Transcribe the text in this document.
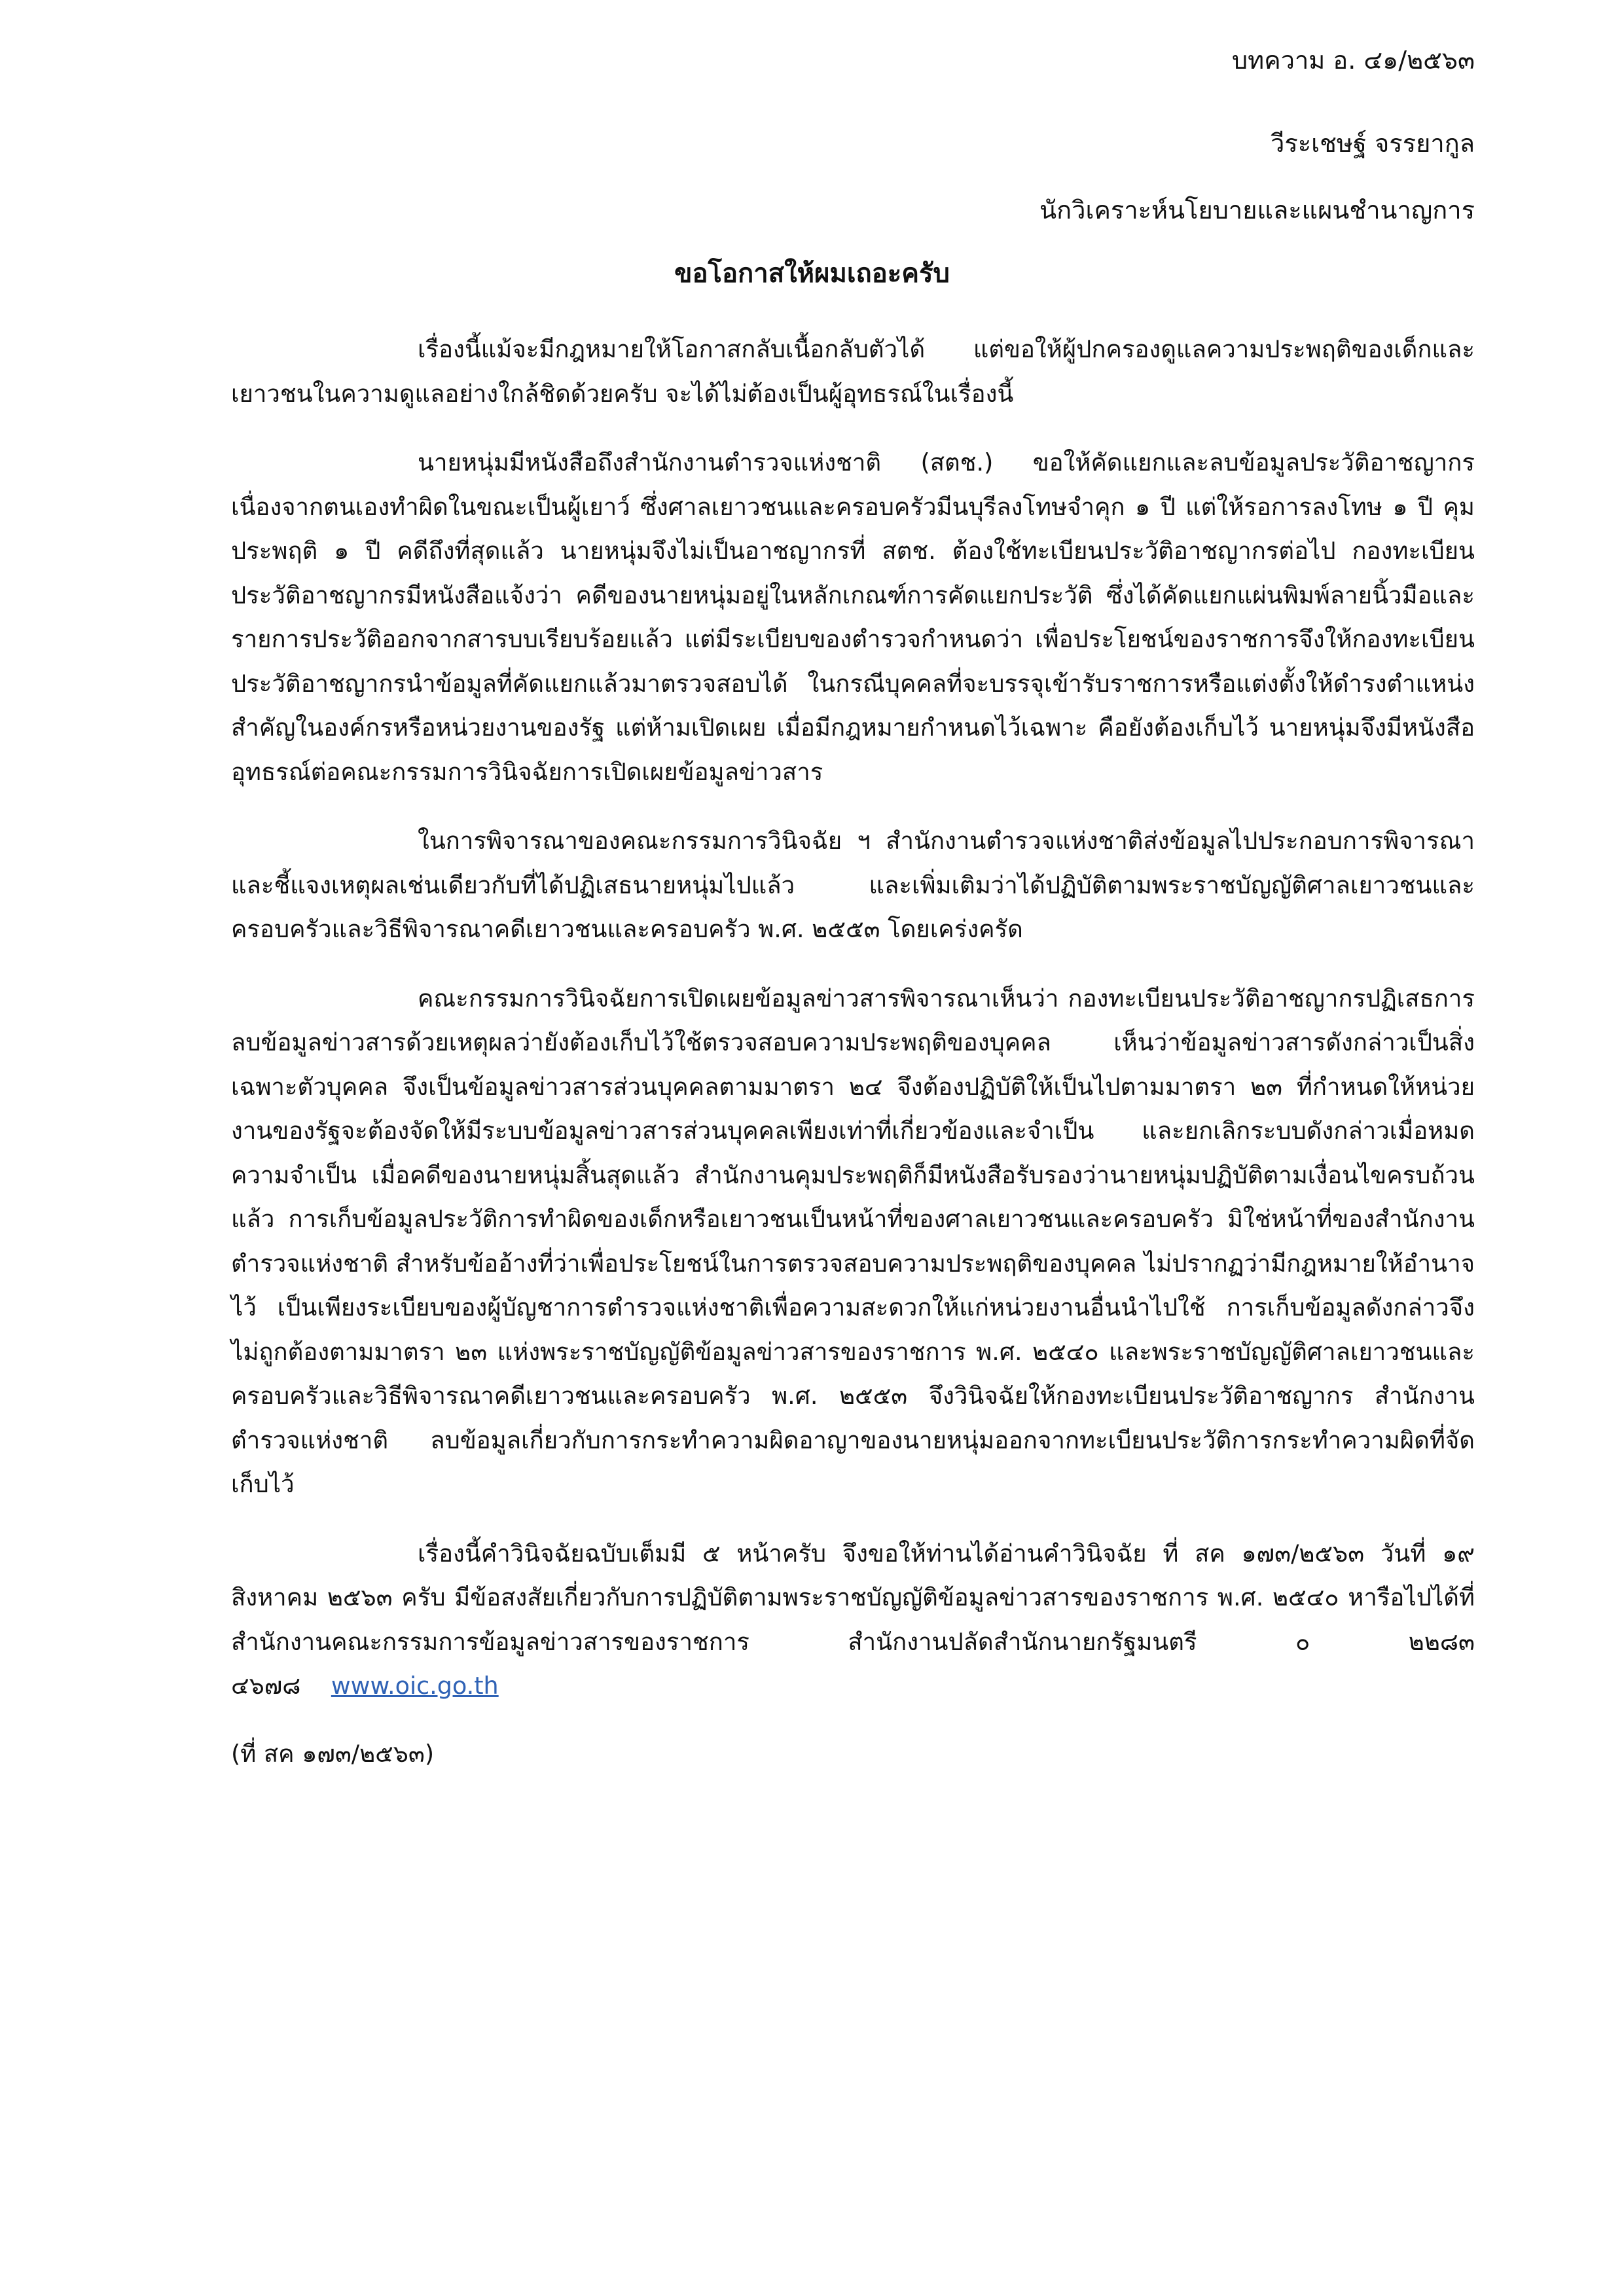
บทความ อ. ๔๑/๒๕๖๓
วีระเชษฐ์ จรรยากูล
นักวิเคราะห์นโยบายและแผนชำนาญการ
ขอโอกาสให้ผมเถอะครับ

เรื่องนี้แม้จะมีกฎหมายให้โอกาสกลับเนื้อกลับตัวได้ แต่ขอให้ผู้ปกครองดูแลความประพฤติของเด็กและเยาวชนในความดูแลอย่างใกล้ชิดด้วยครับ จะได้ไม่ต้องเป็นผู้อุทธรณ์ในเรื่องนี้

นายหนุ่มมีหนังสือถึงสำนักงานตำรวจแห่งชาติ (สตช.) ขอให้คัดแยกและลบข้อมูลประวัติอาชญากร เนื่องจากตนเองทำผิดในขณะเป็นผู้เยาว์ ซึ่งศาลเยาวชนและครอบครัวมีนบุรีลงโทษจำคุก ๑ ปี แต่ให้รอการลงโทษ ๑ ปี คุมประพฤติ ๑ ปี คดีถึงที่สุดแล้ว นายหนุ่มจึงไม่เป็นอาชญากรที่ สตช. ต้องใช้ทะเบียนประวัติอาชญากรต่อไป กองทะเบียนประวัติอาชญากรมีหนังสือแจ้งว่า คดีของนายหนุ่มอยู่ในหลักเกณฑ์การคัดแยกประวัติ ซึ่งได้คัดแยกแผ่นพิมพ์ลายนิ้วมือและรายการประวัติออกจากสารบบเรียบร้อยแล้ว แต่มีระเบียบของตำรวจกำหนดว่า เพื่อประโยชน์ของราชการจึงให้กองทะเบียนประวัติอาชญากรนำข้อมูลที่คัดแยกแล้วมาตรวจสอบได้ ในกรณีบุคคลที่จะบรรจุเข้ารับราชการหรือแต่งตั้งให้ดำรงตำแหน่งสำคัญในองค์กรหรือหน่วยงานของรัฐ แต่ห้ามเปิดเผย เมื่อมีกฎหมายกำหนดไว้เฉพาะ คือยังต้องเก็บไว้ นายหนุ่มจึงมีหนังสืออุทธรณ์ต่อคณะกรรมการวินิจฉัยการเปิดเผยข้อมูลข่าวสาร

ในการพิจารณาของคณะกรรมการวินิจฉัย ฯ สำนักงานตำรวจแห่งชาติส่งข้อมูลไปประกอบการพิจารณาและชี้แจงเหตุผลเช่นเดียวกับที่ได้ปฏิเสธนายหนุ่มไปแล้ว และเพิ่มเติมว่าได้ปฏิบัติตามพระราชบัญญัติศาลเยาวชนและครอบครัวและวิธีพิจารณาคดีเยาวชนและครอบครัว พ.ศ. ๒๕๕๓ โดยเคร่งครัด

คณะกรรมการวินิจฉัยการเปิดเผยข้อมูลข่าวสารพิจารณาเห็นว่า กองทะเบียนประวัติอาชญากรปฏิเสธการลบข้อมูลข่าวสารด้วยเหตุผลว่ายังต้องเก็บไว้ใช้ตรวจสอบความประพฤติของบุคคล เห็นว่าข้อมูลข่าวสารดังกล่าวเป็นสิ่งเฉพาะตัวบุคคล จึงเป็นข้อมูลข่าวสารส่วนบุคคลตามมาตรา ๒๔ จึงต้องปฏิบัติให้เป็นไปตามมาตรา ๒๓ ที่กำหนดให้หน่วยงานของรัฐจะต้องจัดให้มีระบบข้อมูลข่าวสารส่วนบุคคลเพียงเท่าที่เกี่ยวข้องและจำเป็น และยกเลิกระบบดังกล่าวเมื่อหมดความจำเป็น เมื่อคดีของนายหนุ่มสิ้นสุดแล้ว สำนักงานคุมประพฤติก็มีหนังสือรับรองว่านายหนุ่มปฏิบัติตามเงื่อนไขครบถ้วนแล้ว การเก็บข้อมูลประวัติการทำผิดของเด็กหรือเยาวชนเป็นหน้าที่ของศาลเยาวชนและครอบครัว มิใช่หน้าที่ของสำนักงานตำรวจแห่งชาติ สำหรับข้ออ้างที่ว่าเพื่อประโยชน์ในการตรวจสอบความประพฤติของบุคคล ไม่ปรากฏว่ามีกฎหมายให้อำนาจไว้ เป็นเพียงระเบียบของผู้บัญชาการตำรวจแห่งชาติเพื่อความสะดวกให้แก่หน่วยงานอื่นนำไปใช้ การเก็บข้อมูลดังกล่าวจึงไม่ถูกต้องตามมาตรา ๒๓ แห่งพระราชบัญญัติข้อมูลข่าวสารของราชการ พ.ศ. ๒๕๔๐ และพระราชบัญญัติศาลเยาวชนและครอบครัวและวิธีพิจารณาคดีเยาวชนและครอบครัว พ.ศ. ๒๕๕๓ จึงวินิจฉัยให้กองทะเบียนประวัติอาชญากร สำนักงานตำรวจแห่งชาติ ลบข้อมูลเกี่ยวกับการกระทำความผิดอาญาของนายหนุ่มออกจากทะเบียนประวัติการกระทำความผิดที่จัดเก็บไว้

เรื่องนี้คำวินิจฉัยฉบับเต็มมี ๕ หน้าครับ จึงขอให้ท่านได้อ่านคำวินิจฉัย ที่ สค ๑๗๓/๒๕๖๓ วันที่ ๑๙ สิงหาคม ๒๕๖๓ ครับ มีข้อสงสัยเกี่ยวกับการปฏิบัติตามพระราชบัญญัติข้อมูลข่าวสารของราชการ พ.ศ. ๒๕๔๐ หารือไปได้ที่สำนักงานคณะกรรมการข้อมูลข่าวสารของราชการ สำนักงานปลัดสำนักนายกรัฐมนตรี ๐ ๒๒๘๓ ๔๖๗๘ www.oic.go.th

(ที่ สค ๑๗๓/๒๕๖๓)
